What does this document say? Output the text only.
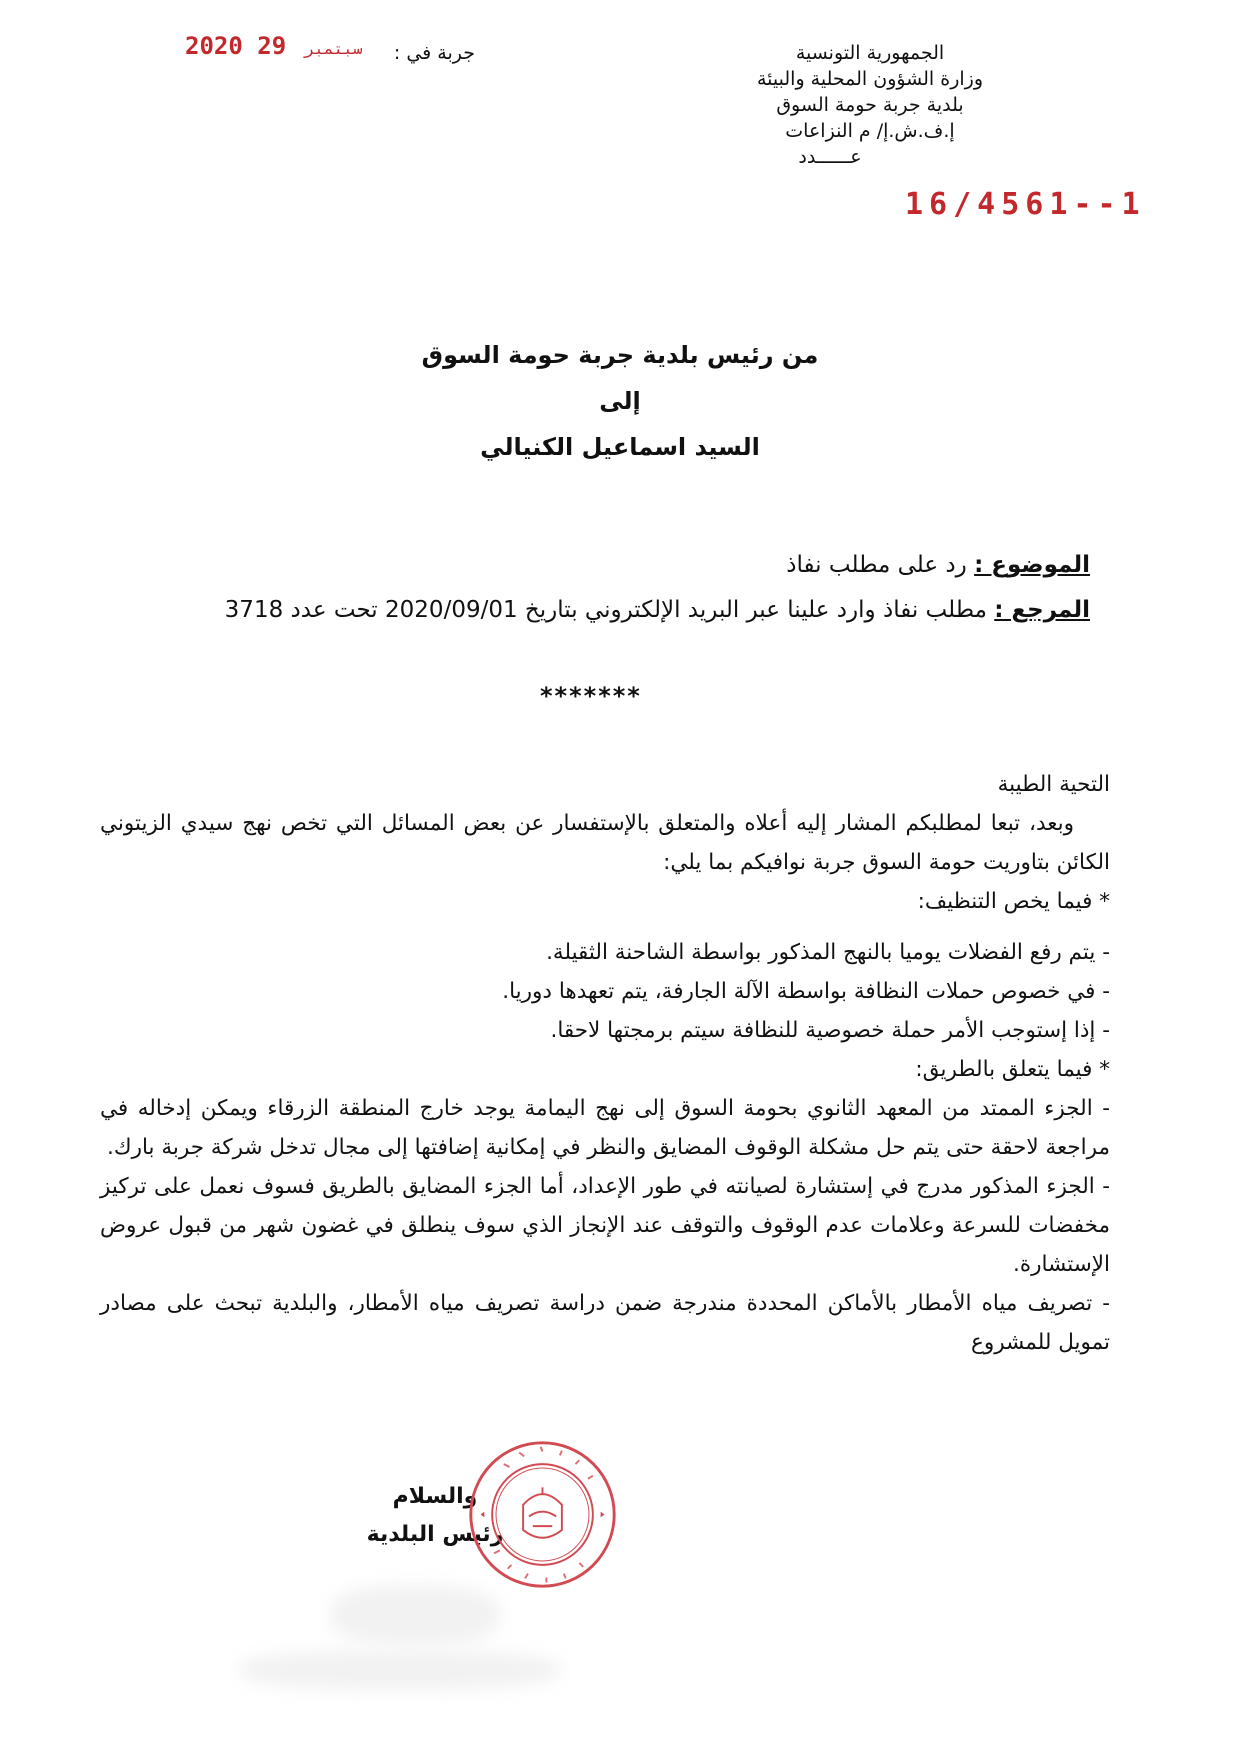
الجمهورية التونسية
وزارة الشؤون المحلية والبيئة
بلدية جربة حومة السوق
إ.ف.ش.إ/ م النزاعات
عــــــدد
جربة في :
2020	سبتمبر 29
16/4561--1
من رئيس بلدية جربة حومة السوق
إلى
السيد اسماعيل الكنيالي
الموضوع : رد على مطلب نفاذ
المرجع : مطلب نفاذ وارد علينا عبر البريد الإلكتروني بتاريخ 2020/09/01 تحت عدد 3718
*******

التحية الطيبة

وبعد، تبعا لمطلبكم المشار إليه أعلاه والمتعلق بالإستفسار عن بعض المسائل التي تخص نهج سيدي الزيتوني الكائن بتاوريت حومة السوق جربة نوافيكم بما يلي:

* فيما يخص التنظيف:

- يتم رفع الفضلات يوميا بالنهج المذكور بواسطة الشاحنة الثقيلة.

- في خصوص حملات النظافة بواسطة الآلة الجارفة، يتم تعهدها دوريا.

- إذا إستوجب الأمر حملة خصوصية للنظافة سيتم برمجتها لاحقا.

* فيما يتعلق بالطريق:

- الجزء الممتد من المعهد الثانوي بحومة السوق إلى نهج اليمامة يوجد خارج المنطقة الزرقاء ويمكن إدخاله في مراجعة لاحقة حتى يتم حل مشكلة الوقوف المضايق والنظر في إمكانية إضافتها إلى مجال تدخل شركة جربة بارك.

- الجزء المذكور مدرج في إستشارة لصيانته في طور الإعداد، أما الجزء المضايق بالطريق فسوف نعمل على تركيز مخفضات للسرعة وعلامات عدم الوقوف والتوقف عند الإنجاز الذي سوف ينطلق في غضون شهر من قبول عروض الإستشارة.

- تصريف مياه الأمطار بالأماكن المحددة مندرجة ضمن دراسة تصريف مياه الأمطار، والبلدية تبحث على مصادر تمويل للمشروع

والسلام
رئيس البلدية
